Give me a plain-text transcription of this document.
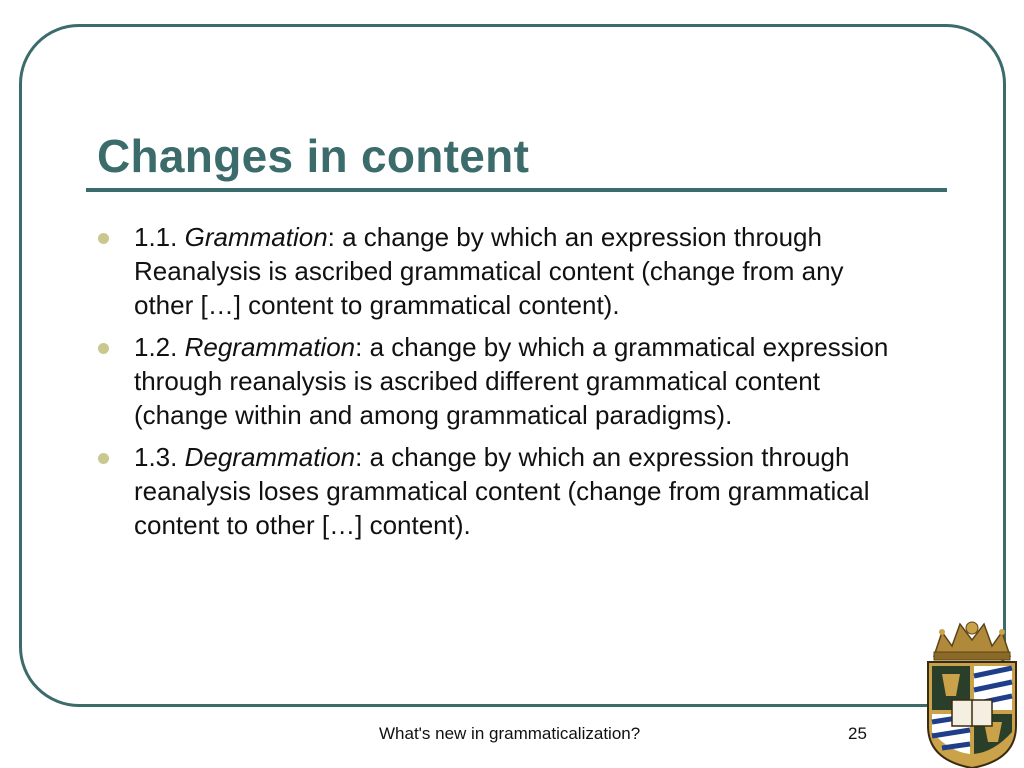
Changes in content

1.1. Grammation: a change by which an expression through Reanalysis is ascribed grammatical content (change from any other […] content to grammatical content).

1.2. Regrammation: a change by which a grammatical expression through reanalysis is ascribed different grammatical content (change within and among grammatical paradigms).

1.3. Degrammation: a change by which an expression through reanalysis loses grammatical content (change from grammatical content to other […] content).

What's new in grammaticalization?	25
